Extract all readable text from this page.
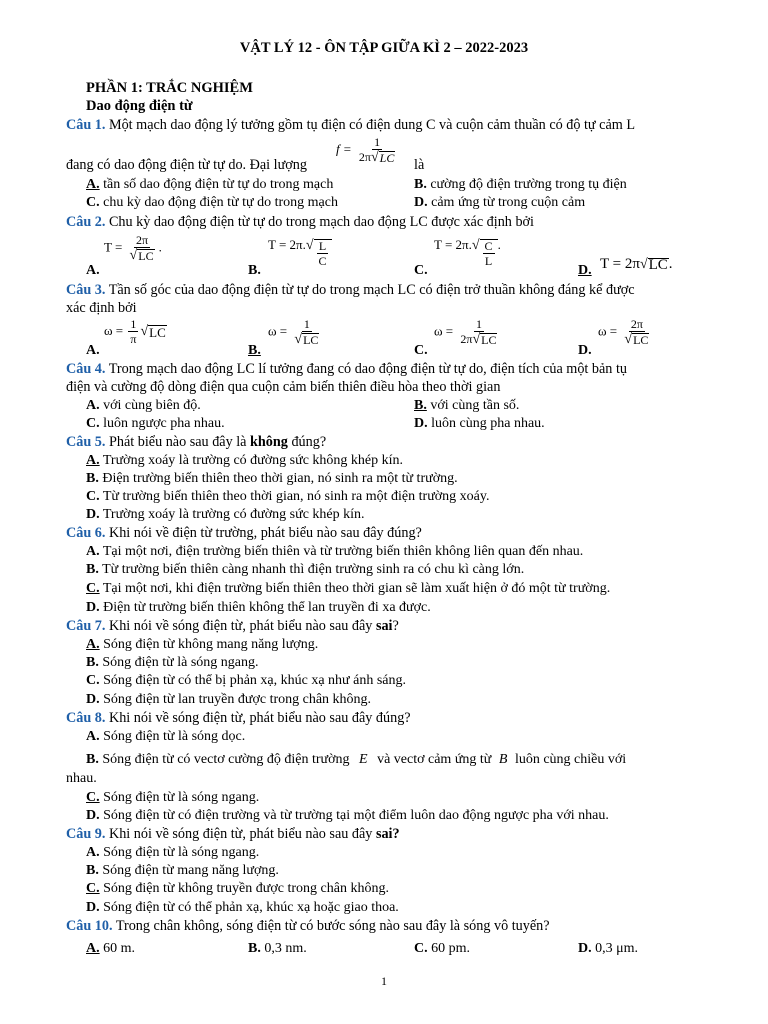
VẬT LÝ 12 - ÔN TẬP GIỮA KÌ 2 – 2022-2023
PHẦN 1: TRẮC NGHIỆM
Dao động điện từ
Câu 1. Một mạch dao động lý tưởng gồm tụ điện có điện dung C và cuộn cảm thuần có độ tự cảm L
đang có dao động điện từ tự do. Đại lượng
$f = \frac{1}{2\pi √ LC}$ là
A. tần số dao động điện từ tự do trong mạch	B. cường độ điện trường trong tụ điện
C. chu kỳ dao động điện từ tự do trong mạch	D. cảm ứng từ trong cuộn cảm
Câu 2. Chu kỳ dao động điện từ tự do trong mạch dao động LC được xác định bởi
A.
$T = \frac{2\pi}{√ LC}$ .
B.
T = 2π. √ $\frac{L}{C}$
C.
T = 2π. √ $\frac{C}{L}$ .
D. T = 2π √ LC .
Câu 3. Tần số góc của dao động điện từ tự do trong mạch LC có điện trở thuần không đáng kể được
xác định bởi
A.
$\omega = \frac{1}{\pi}$ √ LC
B.
$\omega = \frac{1}{√ LC}$
C.
$\omega = \frac{1}{2\pi √ LC}$
D.
$\omega = \frac{2\pi}{√ LC}$
Câu 4. Trong mạch dao động LC lí tưởng đang có dao động điện từ tự do, điện tích của một bản tụ
điện và cường độ dòng điện qua cuộn cảm biến thiên điều hòa theo thời gian
A. với cùng biên độ.	B. với cùng tần số.
C. luôn ngược pha nhau.	D. luôn cùng pha nhau.
Câu 5. Phát biểu nào sau đây là không đúng?
A. Trường xoáy là trường có đường sức không khép kín.
B. Điện trường biến thiên theo thời gian, nó sinh ra một từ trường.
C. Từ trường biến thiên theo thời gian, nó sinh ra một điện trường xoáy.
D. Trường xoáy là trường có đường sức khép kín.
Câu 6. Khi nói về điện từ trường, phát biểu nào sau đây đúng?
A. Tại một nơi, điện trường biến thiên và từ trường biến thiên không liên quan đến nhau.
B. Từ trường biến thiên càng nhanh thì điện trường sinh ra có chu kì càng lớn.
C. Tại một nơi, khi điện trường biến thiên theo thời gian sẽ làm xuất hiện ở đó một từ trường.
D. Điện từ trường biến thiên không thể lan truyền đi xa được.
Câu 7. Khi nói về sóng điện từ, phát biểu nào sau đây sai?
A. Sóng điện từ không mang năng lượng.
B. Sóng điện từ là sóng ngang.
C. Sóng điện từ có thể bị phản xạ, khúc xạ như ánh sáng.
D. Sóng điện từ lan truyền được trong chân không.
Câu 8. Khi nói về sóng điện từ, phát biểu nào sau đây đúng?
A. Sóng điện từ là sóng dọc.
B. Sóng điện từ có vectơ cường độ điện trường E và vectơ cảm ứng từ B luôn cùng chiều với
nhau.
C. Sóng điện từ là sóng ngang.
D. Sóng điện từ có điện trường và từ trường tại một điểm luôn dao động ngược pha với nhau.
Câu 9. Khi nói về sóng điện từ, phát biểu nào sau đây sai?
A. Sóng điện từ là sóng ngang.
B. Sóng điện từ mang năng lượng.
C. Sóng điện từ không truyền được trong chân không.
D. Sóng điện từ có thể phản xạ, khúc xạ hoặc giao thoa.
Câu 10. Trong chân không, sóng điện từ có bước sóng nào sau đây là sóng vô tuyến?
A. 60 m.	B. 0,3 nm.	C. 60 pm.	D. 0,3 μm.
1
